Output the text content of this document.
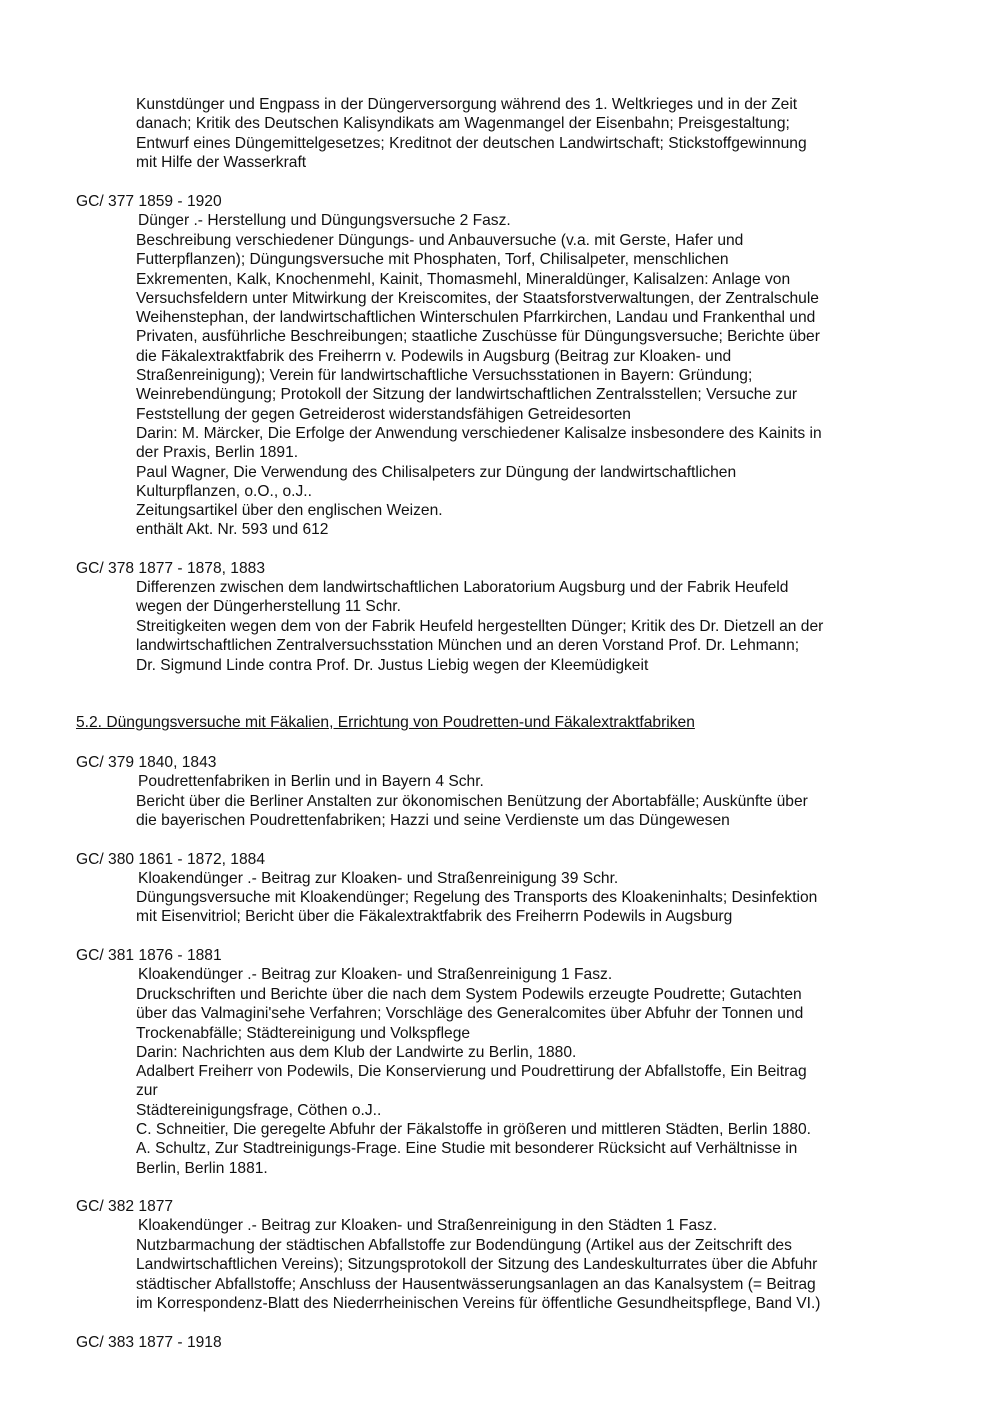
Kunstdünger und Engpass in der Düngerversorgung während des 1. Weltkrieges und in der Zeit
danach; Kritik des Deutschen Kalisyndikats am Wagenmangel der Eisenbahn; Preisgestaltung;
Entwurf eines Düngemittelgesetzes; Kreditnot der deutschen Landwirtschaft; Stickstoffgewinnung
mit Hilfe der Wasserkraft
GC/ 377 1859 - 1920
Dünger .- Herstellung und Düngungsversuche 2 Fasz.
Beschreibung verschiedener Düngungs- und Anbauversuche (v.a. mit Gerste, Hafer und
Futterpflanzen); Düngungsversuche mit Phosphaten, Torf, Chilisalpeter, menschlichen
Exkrementen, Kalk, Knochenmehl, Kainit, Thomasmehl, Mineraldünger, Kalisalzen: Anlage von
Versuchsfeldern unter Mitwirkung der Kreiscomites, der Staatsforstverwaltungen, der Zentralschule
Weihenstephan, der landwirtschaftlichen Winterschulen Pfarrkirchen, Landau und Frankenthal und
Privaten, ausführliche Beschreibungen; staatliche Zuschüsse für Düngungsversuche; Berichte über
die Fäkalextraktfabrik des Freiherrn v. Podewils in Augsburg (Beitrag zur Kloaken- und
Straßenreinigung); Verein für landwirtschaftliche Versuchsstationen in Bayern: Gründung;
Weinrebendüngung; Protokoll der Sitzung der landwirtschaftlichen Zentralsstellen; Versuche zur
Feststellung der gegen Getreiderost widerstandsfähigen Getreidesorten
Darin: M. Märcker, Die Erfolge der Anwendung verschiedener Kalisalze insbesondere des Kainits in
der Praxis, Berlin 1891.
Paul Wagner, Die Verwendung des Chilisalpeters zur Düngung der landwirtschaftlichen
Kulturpflanzen, o.O., o.J..
Zeitungsartikel über den englischen Weizen.
enthält Akt. Nr. 593 und 612
GC/ 378 1877 - 1878, 1883
Differenzen zwischen dem landwirtschaftlichen Laboratorium Augsburg und der Fabrik Heufeld
wegen der Düngerherstellung 11 Schr.
Streitigkeiten wegen dem von der Fabrik Heufeld hergestellten Dünger; Kritik des Dr. Dietzell an der
landwirtschaftlichen Zentralversuchsstation München und an deren Vorstand Prof. Dr. Lehmann;
Dr. Sigmund Linde contra Prof. Dr. Justus Liebig wegen der Kleemüdigkeit
5.2. Düngungsversuche mit Fäkalien, Errichtung von Poudretten-und Fäkalextraktfabriken
GC/ 379 1840, 1843
Poudrettenfabriken in Berlin und in Bayern 4 Schr.
Bericht über die Berliner Anstalten zur ökonomischen Benützung der Abortabfälle; Auskünfte über
die bayerischen Poudrettenfabriken; Hazzi und seine Verdienste um das Düngewesen
GC/ 380 1861 - 1872, 1884
Kloakendünger .- Beitrag zur Kloaken- und Straßenreinigung 39 Schr.
Düngungsversuche mit Kloakendünger; Regelung des Transports des Kloakeninhalts; Desinfektion
mit Eisenvitriol; Bericht über die Fäkalextraktfabrik des Freiherrn Podewils in Augsburg
GC/ 381 1876 - 1881
Kloakendünger .- Beitrag zur Kloaken- und Straßenreinigung 1 Fasz.
Druckschriften und Berichte über die nach dem System Podewils erzeugte Poudrette; Gutachten
über das Valmagini'sehe Verfahren; Vorschläge des Generalcomites über Abfuhr der Tonnen und
Trockenabfälle; Städtereinigung und Volkspflege
Darin: Nachrichten aus dem Klub der Landwirte zu Berlin, 1880.
Adalbert Freiherr von Podewils, Die Konservierung und Poudrettirung der Abfallstoffe, Ein Beitrag
zur
Städtereinigungsfrage, Cöthen o.J..
C. Schneitier, Die geregelte Abfuhr der Fäkalstoffe in größeren und mittleren Städten, Berlin 1880.
A. Schultz, Zur Stadtreinigungs-Frage. Eine Studie mit besonderer Rücksicht auf Verhältnisse in
Berlin, Berlin 1881.
GC/ 382 1877
Kloakendünger .- Beitrag zur Kloaken- und Straßenreinigung in den Städten 1 Fasz.
Nutzbarmachung der städtischen Abfallstoffe zur Bodendüngung (Artikel aus der Zeitschrift des
Landwirtschaftlichen Vereins); Sitzungsprotokoll der Sitzung des Landeskulturrates über die Abfuhr
städtischer Abfallstoffe; Anschluss der Hausentwässerungsanlagen an das Kanalsystem (= Beitrag
im Korrespondenz-Blatt des Niederrheinischen Vereins für öffentliche Gesundheitspflege, Band VI.)
GC/ 383 1877 - 1918
